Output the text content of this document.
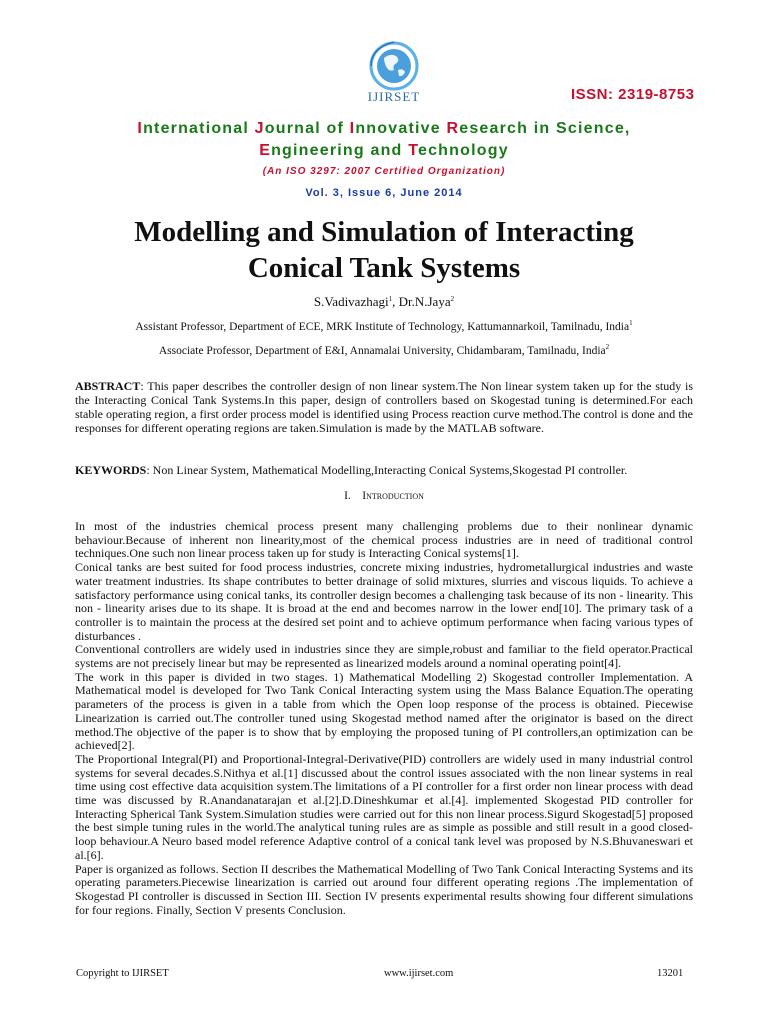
IJIRSET	ISSN: 2319-8753
International Journal of Innovative Research in Science,
Engineering and Technology
(An ISO 3297: 2007 Certified Organization)
Vol. 3, Issue 6, June 2014
Modelling and Simulation of Interacting
Conical Tank Systems
S.Vadivazhagi$^1$, Dr.N.Jaya$^2$
Assistant Professor, Department of ECE, MRK Institute of Technology, Kattumannarkoil, Tamilnadu, India$^1$
Associate Professor, Department of E&I, Annamalai University, Chidambaram, Tamilnadu, India$^2$

ABSTRACT: This paper describes the controller design of non linear system.The Non linear system taken up for the study is the Interacting Conical Tank Systems.In this paper, design of controllers based on Skogestad tuning is determined.For each stable operating region, a first order process model is identified using Process reaction curve method.The control is done and the responses for different operating regions are taken.Simulation is made by the MATLAB software.

KEYWORDS: Non Linear System, Mathematical Modelling,Interacting Conical Systems,Skogestad PI controller.

I. Introduction

In most of the industries chemical process present many challenging problems due to their nonlinear dynamic behaviour.Because of inherent non linearity,most of the chemical process industries are in need of traditional control techniques.One such non linear process taken up for study is Interacting Conical systems[1].

Conical tanks are best suited for food process industries, concrete mixing industries, hydrometallurgical industries and waste water treatment industries. Its shape contributes to better drainage of solid mixtures, slurries and viscous liquids. To achieve a satisfactory performance using conical tanks, its controller design becomes a challenging task because of its non - linearity. This non - linearity arises due to its shape. It is broad at the end and becomes narrow in the lower end[10]. The primary task of a controller is to maintain the process at the desired set point and to achieve optimum performance when facing various types of disturbances .

Conventional controllers are widely used in industries since they are simple,robust and familiar to the field operator.Practical systems are not precisely linear but may be represented as linearized models around a nominal operating point[4].

The work in this paper is divided in two stages. 1) Mathematical Modelling 2) Skogestad controller Implementation. A Mathematical model is developed for Two Tank Conical Interacting system using the Mass Balance Equation.The operating parameters of the process is given in a table from which the Open loop response of the process is obtained. Piecewise Linearization is carried out.The controller tuned using Skogestad method named after the originator is based on the direct method.The objective of the paper is to show that by employing the proposed tuning of PI controllers,an optimization can be achieved[2].

The Proportional Integral(PI) and Proportional-Integral-Derivative(PID) controllers are widely used in many industrial control systems for several decades.S.Nithya et al.[1] discussed about the control issues associated with the non linear systems in real time using cost effective data acquisition system.The limitations of a PI controller for a first order non linear process with dead time was discussed by R.Anandanatarajan et al.[2].D.Dineshkumar et al.[4]. implemented Skogestad PID controller for Interacting Spherical Tank System.Simulation studies were carried out for this non linear process.Sigurd Skogestad[5] proposed the best simple tuning rules in the world.The analytical tuning rules are as simple as possible and still result in a good closed-loop behaviour.A Neuro based model reference Adaptive control of a conical tank level was proposed by N.S.Bhuvaneswari et al.[6].

Paper is organized as follows. Section II describes the Mathematical Modelling of Two Tank Conical Interacting Systems and its operating parameters.Piecewise linearization is carried out around four different operating regions .The implementation of Skogestad PI controller is discussed in Section III. Section IV presents experimental results showing four different simulations for four regions. Finally, Section V presents Conclusion.

Copyright to IJIRSET	www.ijirset.com	13201
